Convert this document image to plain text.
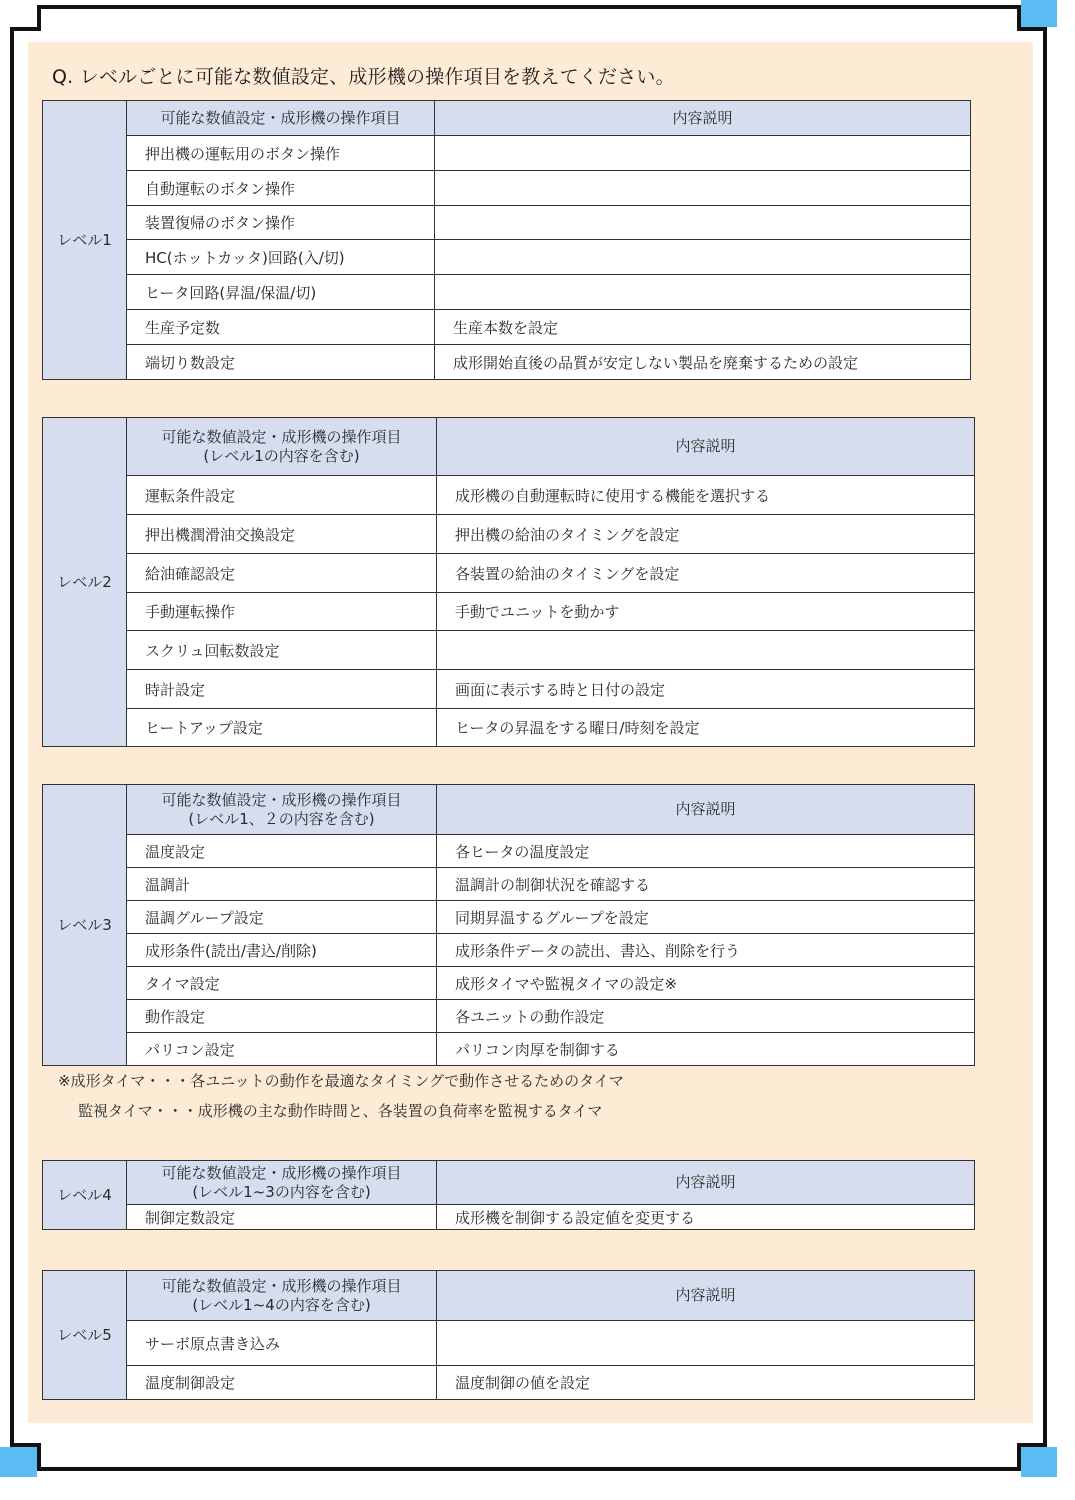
Q. レベルごとに可能な数値設定、成形機の操作項目を教えてください。
レベル1	可能な数値設定・成形機の操作項目	内容説明
	押出機の運転用のボタン操作	
	自動運転のボタン操作	
	装置復帰のボタン操作	
	HC(ホットカッタ)回路(入/切)	
	ヒータ回路(昇温/保温/切)	
	生産予定数	生産本数を設定
	端切り数設定	成形開始直後の品質が安定しない製品を廃棄するための設定
レベル2	可能な数値設定・成形機の操作項目
(レベル1の内容を含む)	内容説明
	運転条件設定	成形機の自動運転時に使用する機能を選択する
	押出機潤滑油交換設定	押出機の給油のタイミングを設定
	給油確認設定	各装置の給油のタイミングを設定
	手動運転操作	手動でユニットを動かす
	スクリュ回転数設定	
	時計設定	画面に表示する時と日付の設定
	ヒートアップ設定	ヒータの昇温をする曜日/時刻を設定
レベル3	可能な数値設定・成形機の操作項目
(レベル1、２の内容を含む)	内容説明
	温度設定	各ヒータの温度設定
	温調計	温調計の制御状況を確認する
	温調グループ設定	同期昇温するグループを設定
	成形条件(読出/書込/削除)	成形条件データの読出、書込、削除を行う
	タイマ設定	成形タイマや監視タイマの設定※
	動作設定	各ユニットの動作設定
	パリコン設定	パリコン肉厚を制御する
レベル4	可能な数値設定・成形機の操作項目
(レベル1~3の内容を含む)	内容説明
	制御定数設定	成形機を制御する設定値を変更する
レベル5	可能な数値設定・成形機の操作項目
(レベル1~4の内容を含む)	内容説明
	サーボ原点書き込み	
	温度制御設定	温度制御の値を設定
※成形タイマ・・・各ユニットの動作を最適なタイミングで動作させるためのタイマ
監視タイマ・・・成形機の主な動作時間と、各装置の負荷率を監視するタイマ
